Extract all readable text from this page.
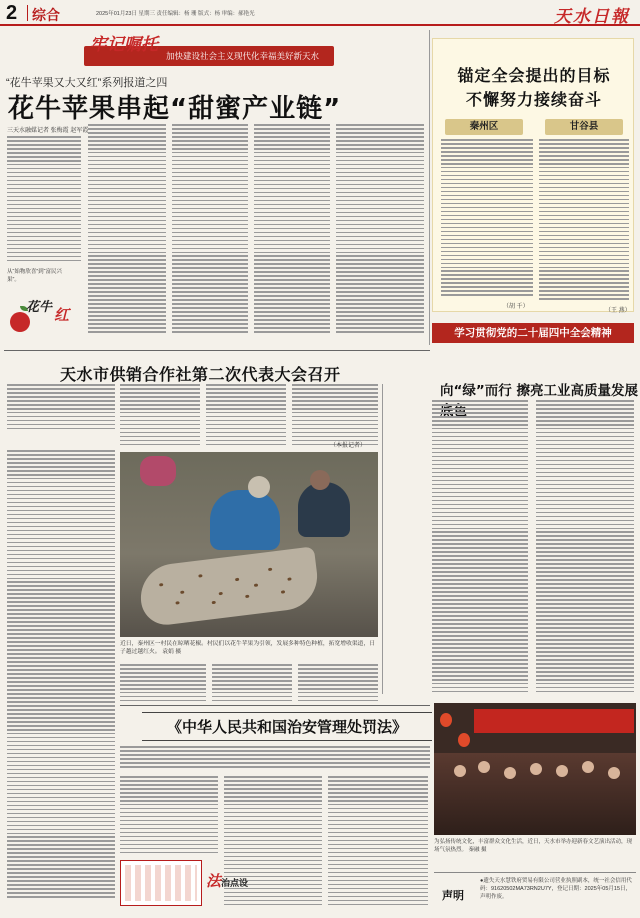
2 综合	2025年01月23日 星期三 责任编辑：杨 珊 版式：杨 审编：郝艳光	天水日報
牢记嘱托
加快建设社会主义现代化幸福美好新天水
“花牛苹果又大又红”系列报道之四
花牛苹果串起“甜蜜产业链”
三天水融媒记者 张梅霞 赵军霞
从“始物欣喜”到“富民兴果”。
花牛 红
锚定全会提出的目标
不懈努力接续奋斗
秦州区	甘谷县
（胡 千）
（王 燕）
学习贯彻党的二十届四中全会精神
天水市供销合作社第二次代表大会召开
（本报记者）
近日，秦州区一村民在晾晒花椒。村民们以花牛苹果为引领，发展多种特色种植，拓宽增收渠道，日子越过越红火。 袁娟 摄
向“绿”而行 擦亮工业高质量发展
《中华人民共和国治安管理处罚法》
法治点设
为弘扬传统文化，丰富群众文化生活，近日，天水市举办迎新春文艺演出活动，现场气氛热烈。 秦融 摄
声明
●遗失天水慧铁府贸易有限公司营业执照副本，统一社会信用代码：91620502MA73RN2U7Y，登记日期：2025年05月15日，声明作废。
